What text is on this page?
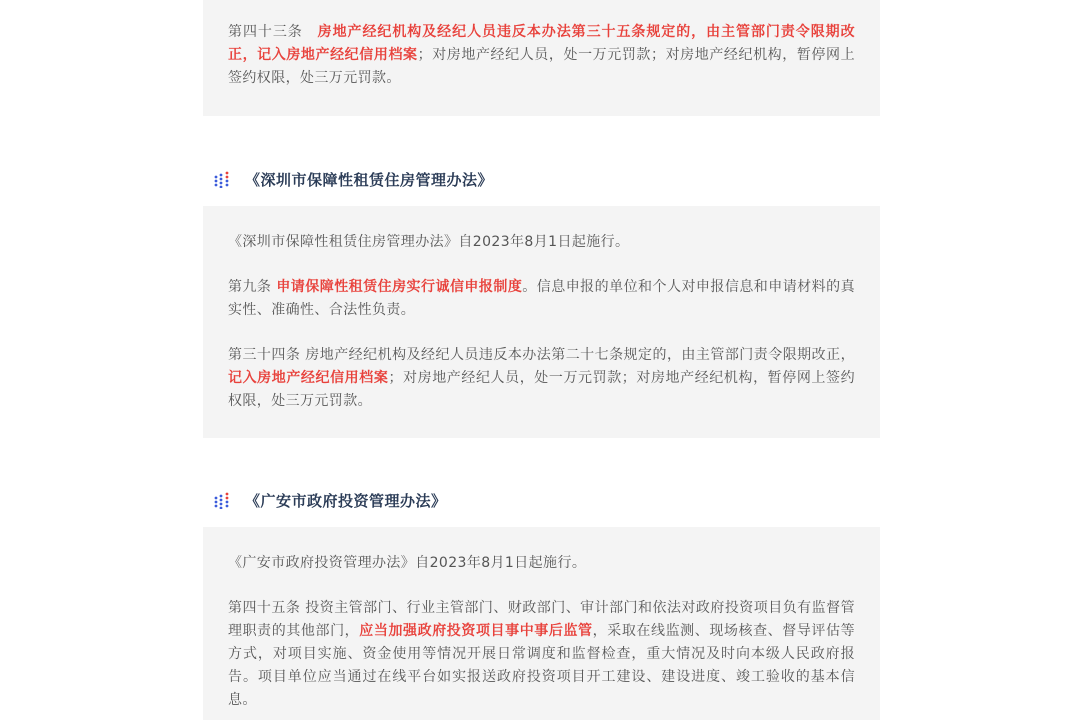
第四十三条　房地产经纪机构及经纪人员违反本办法第三十五条规定的，由主管部门责令限期改正，记入房地产经纪信用档案；对房地产经纪人员，处一万元罚款；对房地产经纪机构，暂停网上签约权限，处三万元罚款。

《深圳市保障性租赁住房管理办法》

《深圳市保障性租赁住房管理办法》自2023年8月1日起施行。

第九条 申请保障性租赁住房实行诚信申报制度。信息申报的单位和个人对申报信息和申请材料的真实性、准确性、合法性负责。

第三十四条 房地产经纪机构及经纪人员违反本办法第二十七条规定的，由主管部门责令限期改正，记入房地产经纪信用档案；对房地产经纪人员，处一万元罚款；对房地产经纪机构，暂停网上签约权限，处三万元罚款。

《广安市政府投资管理办法》

《广安市政府投资管理办法》自2023年8月1日起施行。

第四十五条 投资主管部门、行业主管部门、财政部门、审计部门和依法对政府投资项目负有监督管理职责的其他部门，应当加强政府投资项目事中事后监管，采取在线监测、现场核查、督导评估等方式，对项目实施、资金使用等情况开展日常调度和监督检查，重大情况及时向本级人民政府报告。项目单位应当通过在线平台如实报送政府投资项目开工建设、建设进度、竣工验收的基本信息。
